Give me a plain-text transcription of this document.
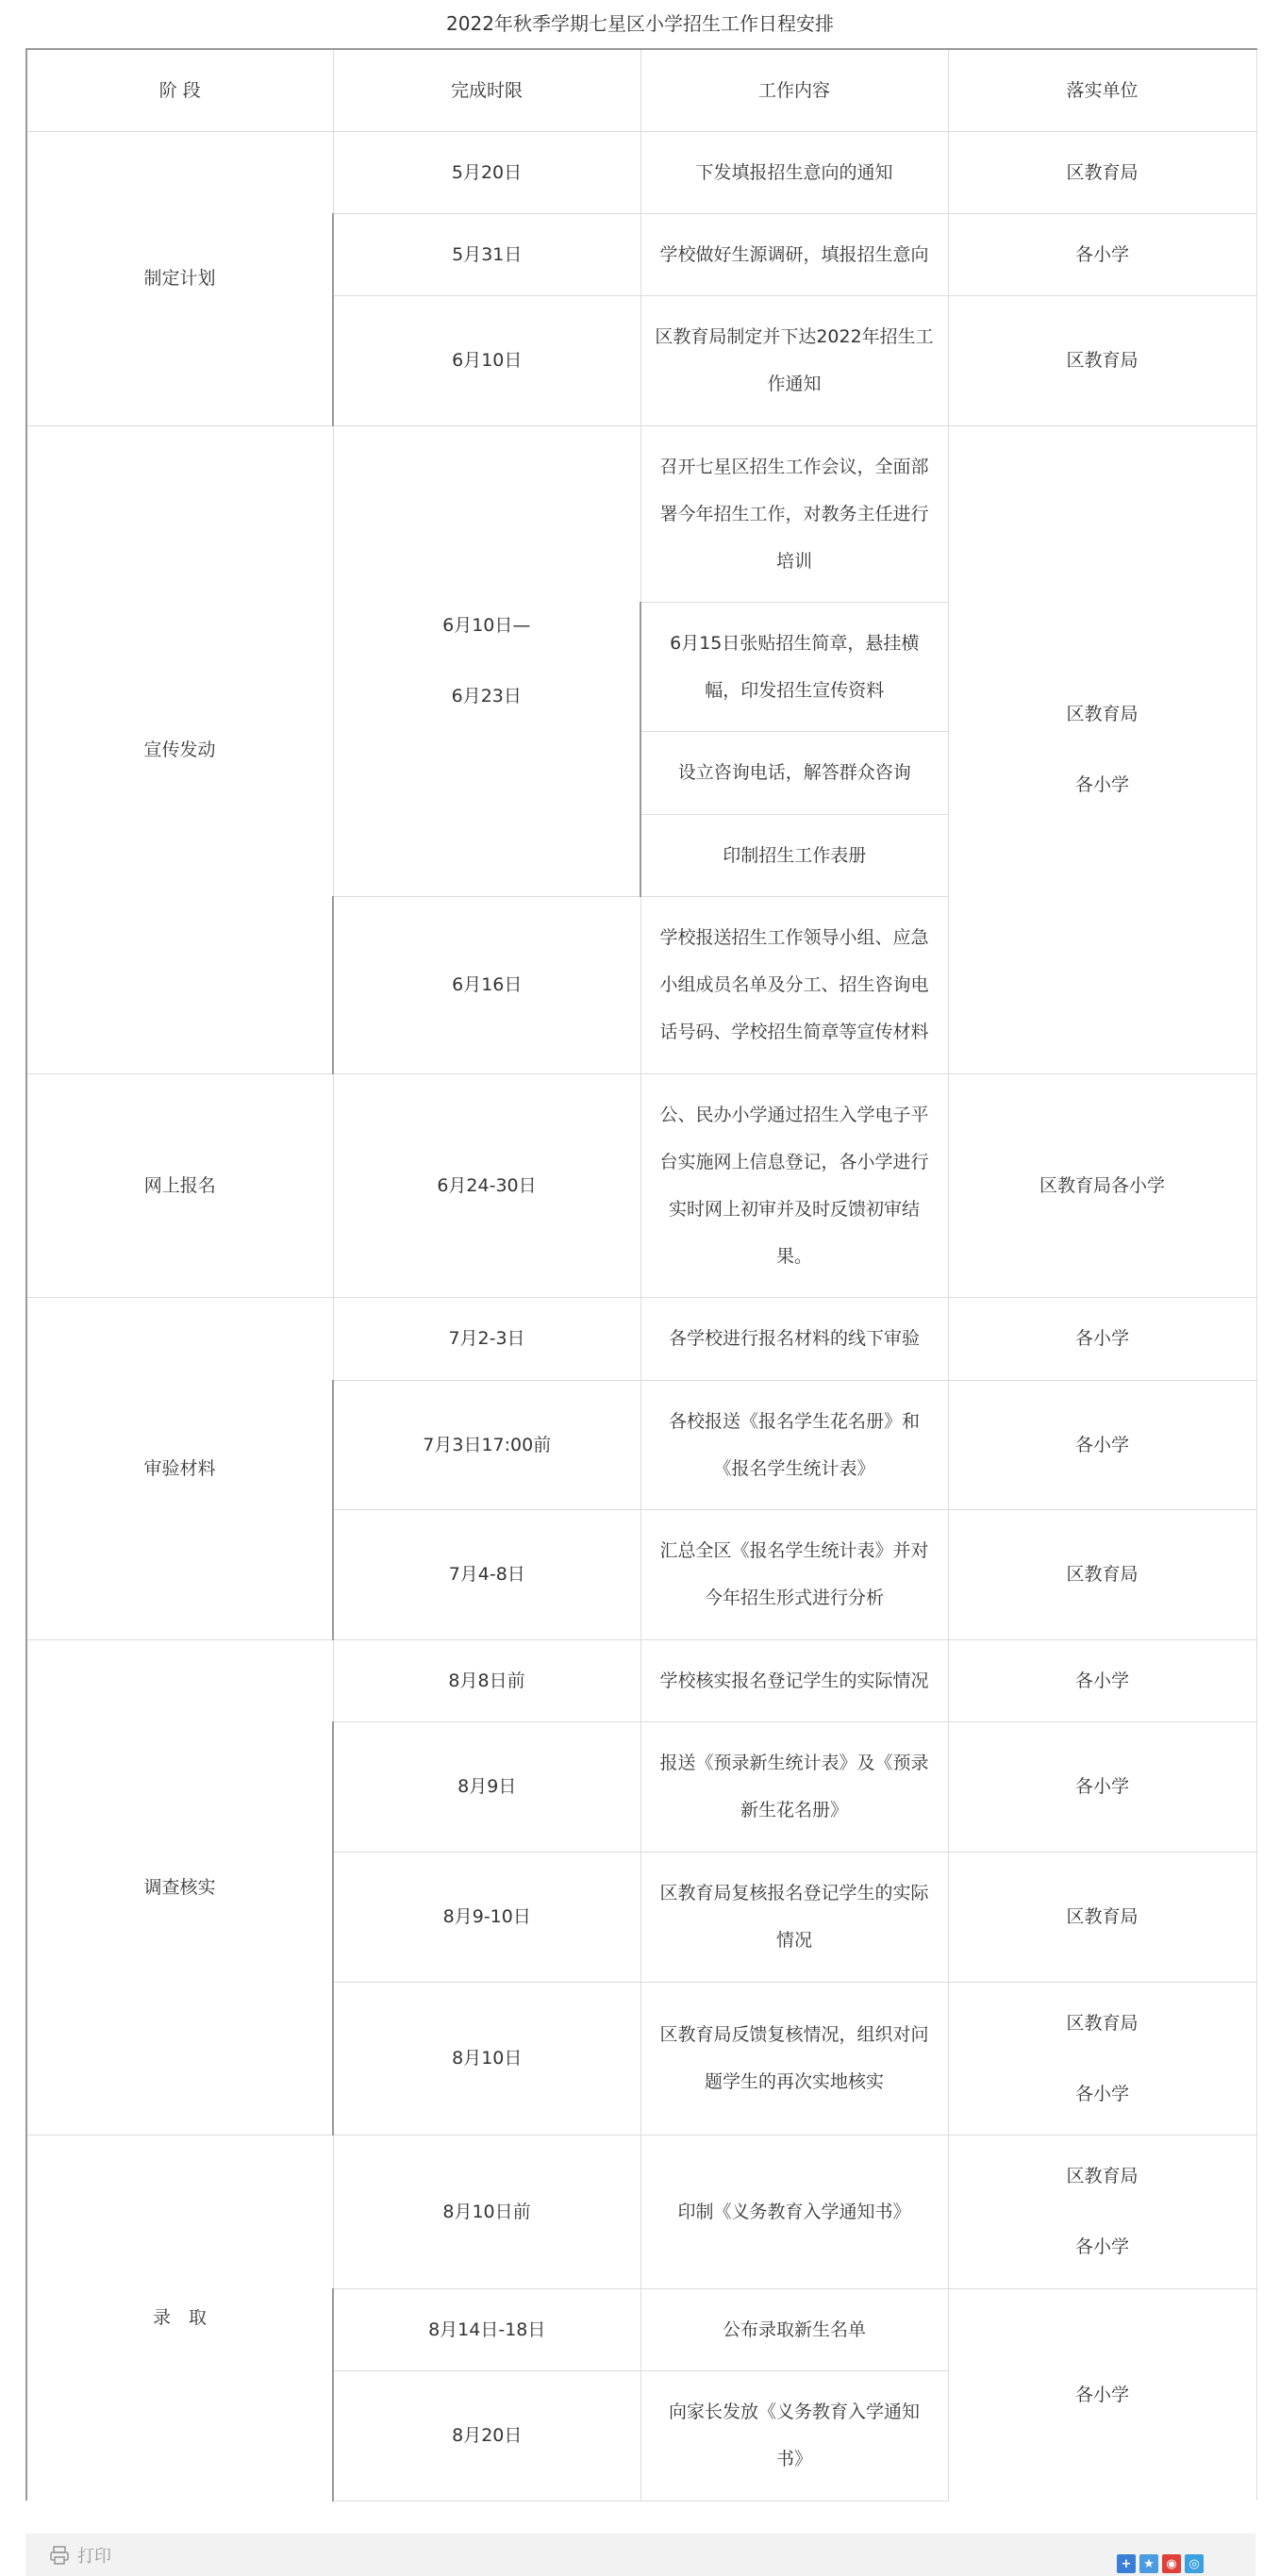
2022年秋季学期七星区小学招生工作日程安排
阶 段	完成时限	工作内容	落实单位
制定计划	5月20日	下发填报招生意向的通知	区教育局

	5月31日	学校做好生源调研，填报招生意向	各小学

	6月10日	区教育局制定并下达2022年招生工
作通知	区教育局

宣传发动	6月10日—
6月23日	召开七星区招生工作会议，全面部
署今年招生工作，对教务主任进行
培训	区教育局
各小学

		6月15日张贴招生简章，悬挂横
幅，印发招生宣传资料	

		设立咨询电话，解答群众咨询	

		印制招生工作表册	

	6月16日	学校报送招生工作领导小组、应急
小组成员名单及分工、招生咨询电
话号码、学校招生简章等宣传材料	

网上报名	6月24-30日	公、民办小学通过招生入学电子平
台实施网上信息登记，各小学进行
实时网上初审并及时反馈初审结
果。	区教育局各小学

审验材料	7月2-3日	各学校进行报名材料的线下审验	各小学

	7月3日17:00前	各校报送《报名学生花名册》和
《报名学生统计表》	各小学

	7月4-8日	汇总全区《报名学生统计表》并对
今年招生形式进行分析	区教育局

调查核实	8月8日前	学校核实报名登记学生的实际情况	各小学

	8月9日	报送《预录新生统计表》及《预录
新生花名册》	各小学

	8月9-10日	区教育局复核报名登记学生的实际
情况	区教育局

	8月10日	区教育局反馈复核情况，组织对问
题学生的再次实地核实	区教育局
各小学

录　取	8月10日前	印制《义务教育入学通知书》	区教育局
各小学

	8月14日-18日	公布录取新生名单	各小学

	8月20日	向家长发放《义务教育入学通知
书》	
打印	+ ★ ◉ ◎
